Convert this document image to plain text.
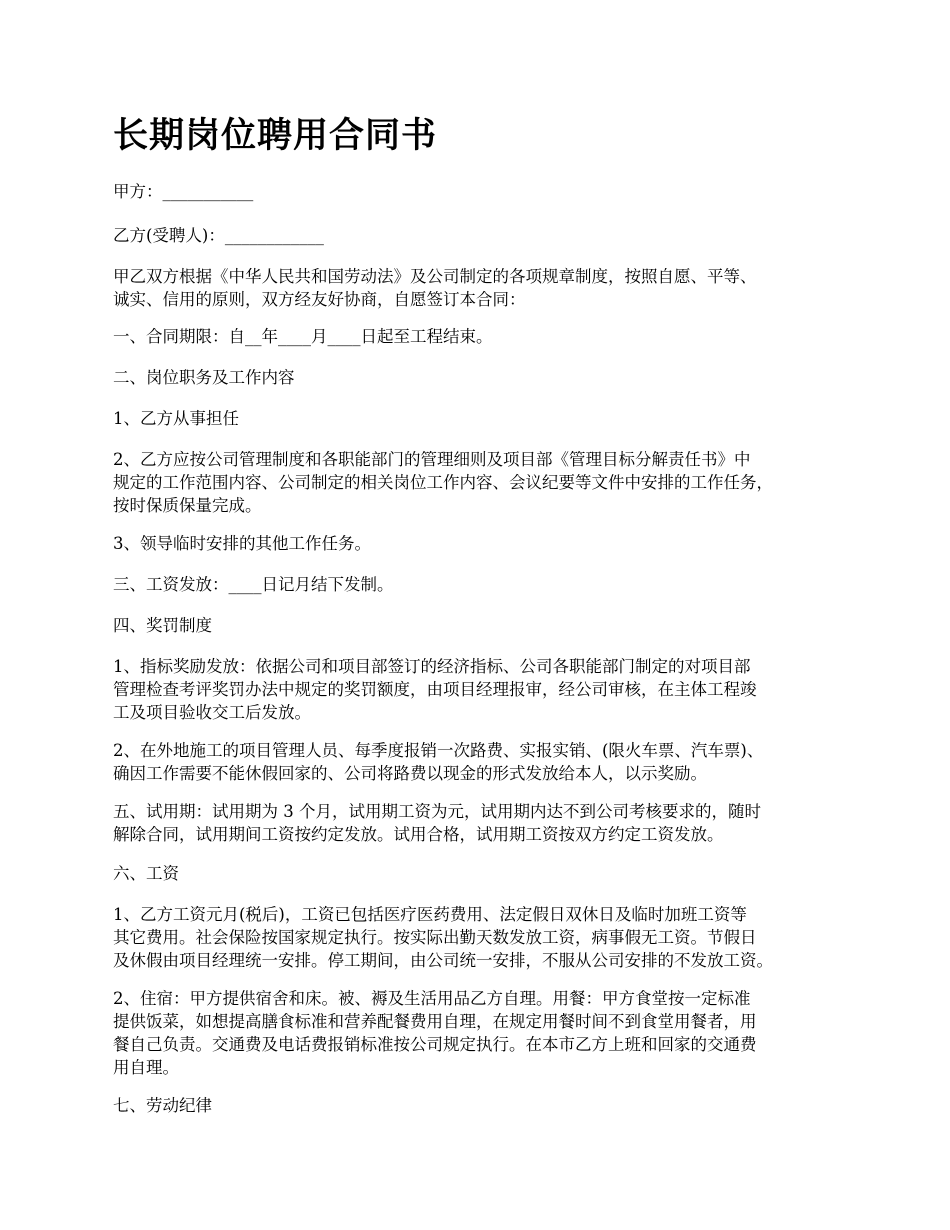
长期岗位聘用合同书

甲方：___________

乙方(受聘人)：____________

甲乙双方根据《中华人民共和国劳动法》及公司制定的各项规章制度，按照自愿、平等、

诚实、信用的原则，双方经友好协商，自愿签订本合同：

一、合同期限：自__年____月____日起至工程结束。

二、岗位职务及工作内容

1、乙方从事担任

2、乙方应按公司管理制度和各职能部门的管理细则及项目部《管理目标分解责任书》中

规定的工作范围内容、公司制定的相关岗位工作内容、会议纪要等文件中安排的工作任务，

按时保质保量完成。

3、领导临时安排的其他工作任务。

三、工资发放：____日记月结下发制。

四、奖罚制度

1、指标奖励发放：依据公司和项目部签订的经济指标、公司各职能部门制定的对项目部

管理检查考评奖罚办法中规定的奖罚额度，由项目经理报审，经公司审核，在主体工程竣

工及项目验收交工后发放。

2、在外地施工的项目管理人员、每季度报销一次路费、实报实销、(限火车票、汽车票)、

确因工作需要不能休假回家的、公司将路费以现金的形式发放给本人，以示奖励。

五、试用期：试用期为 3 个月，试用期工资为元，试用期内达不到公司考核要求的，随时

解除合同，试用期间工资按约定发放。试用合格，试用期工资按双方约定工资发放。

六、工资

1、乙方工资元月(税后)，工资已包括医疗医药费用、法定假日双休日及临时加班工资等

其它费用。社会保险按国家规定执行。按实际出勤天数发放工资，病事假无工资。节假日

及休假由项目经理统一安排。停工期间，由公司统一安排，不服从公司安排的不发放工资。

2、住宿：甲方提供宿舍和床。被、褥及生活用品乙方自理。用餐：甲方食堂按一定标准

提供饭菜，如想提高膳食标准和营养配餐费用自理，在规定用餐时间不到食堂用餐者，用

餐自己负责。交通费及电话费报销标准按公司规定执行。在本市乙方上班和回家的交通费

用自理。

七、劳动纪律
